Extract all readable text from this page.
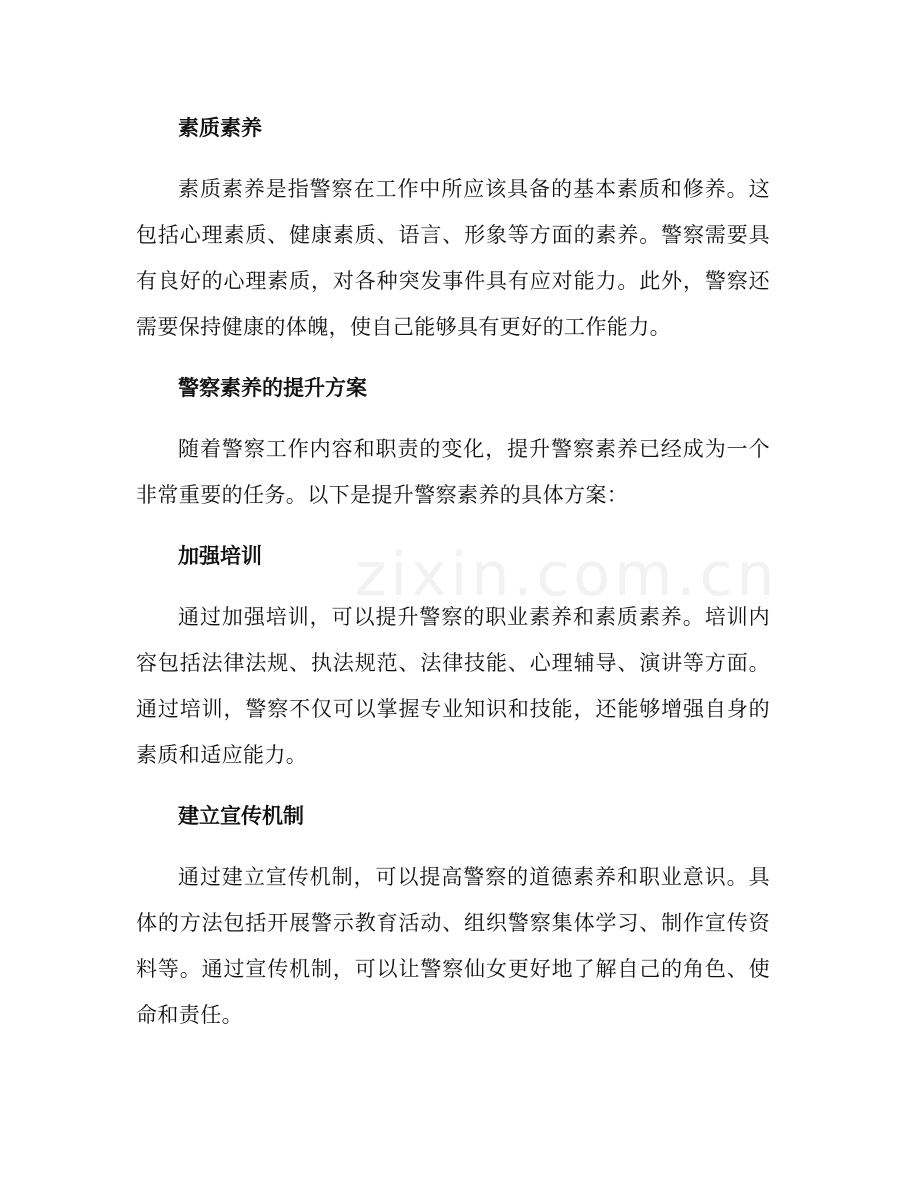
zixin.com.cn
素质素养

素质素养是指警察在工作中所应该具备的基本素质和修养。这包括心理素质、健康素质、语言、形象等方面的素养。警察需要具有良好的心理素质，对各种突发事件具有应对能力。此外，警察还需要保持健康的体魄，使自己能够具有更好的工作能力。

警察素养的提升方案

随着警察工作内容和职责的变化，提升警察素养已经成为一个非常重要的任务。以下是提升警察素养的具体方案：

加强培训

通过加强培训，可以提升警察的职业素养和素质素养。培训内容包括法律法规、执法规范、法律技能、心理辅导、演讲等方面。通过培训，警察不仅可以掌握专业知识和技能，还能够增强自身的素质和适应能力。

建立宣传机制

通过建立宣传机制，可以提高警察的道德素养和职业意识。具体的方法包括开展警示教育活动、组织警察集体学习、制作宣传资料等。通过宣传机制，可以让警察仙女更好地了解自己的角色、使命和责任。
